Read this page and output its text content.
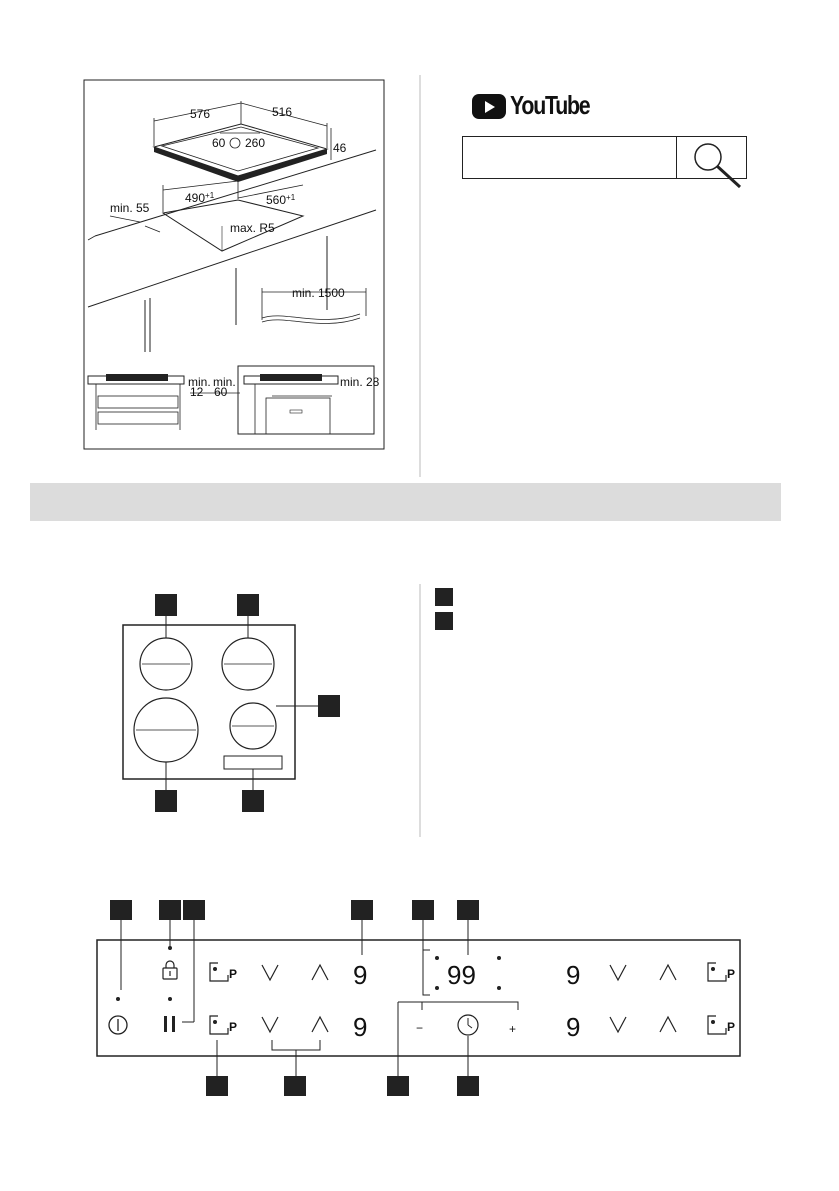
576	516
60 260	46
$490^{+1}$	$560^{+1}$
min. 55
max. R5
min. 1500
min. min.
12 60
min. 28
P
P
9
9
99
−	+
9
9
P
P
YouTube
